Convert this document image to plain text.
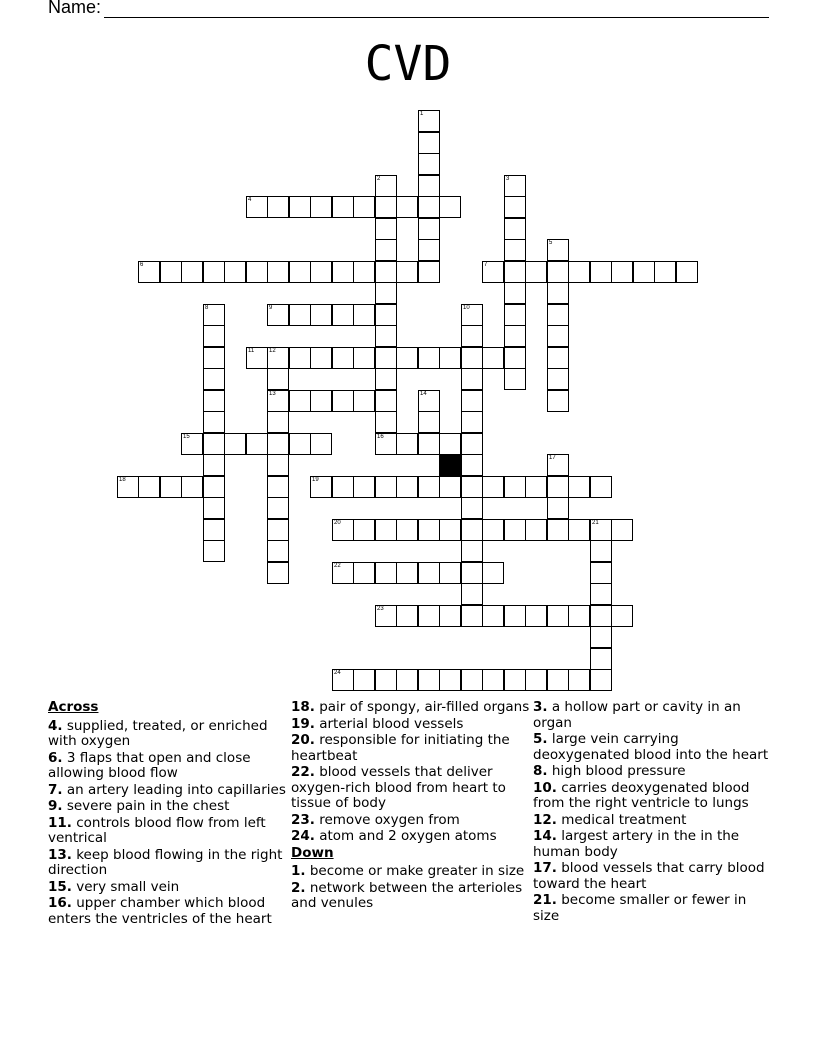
Name:
CVD
1
2	3
4
5
6	7
8	9	10
11 12
13	14
15	16
17
18	19
20	21
22
23
24
Across
4. supplied, treated, or enriched with oxygen
6. 3 flaps that open and close allowing blood flow
7. an artery leading into capillaries
9. severe pain in the chest
11. controls blood flow from left ventrical
13. keep blood flowing in the right direction
15. very small vein
16. upper chamber which blood enters the ventricles of the heart
18. pair of spongy, air-filled organs
19. arterial blood vessels
20. responsible for initiating the heartbeat
22. blood vessels that deliver oxygen-rich blood from heart to tissue of body
23. remove oxygen from
24. atom and 2 oxygen atoms
Down
1. become or make greater in size
2. network between the arterioles and venules
3. a hollow part or cavity in an organ
5. large vein carrying deoxygenated blood into the heart
8. high blood pressure
10. carries deoxygenated blood from the right ventricle to lungs
12. medical treatment
14. largest artery in the in the human body
17. blood vessels that carry blood toward the heart
21. become smaller or fewer in size
